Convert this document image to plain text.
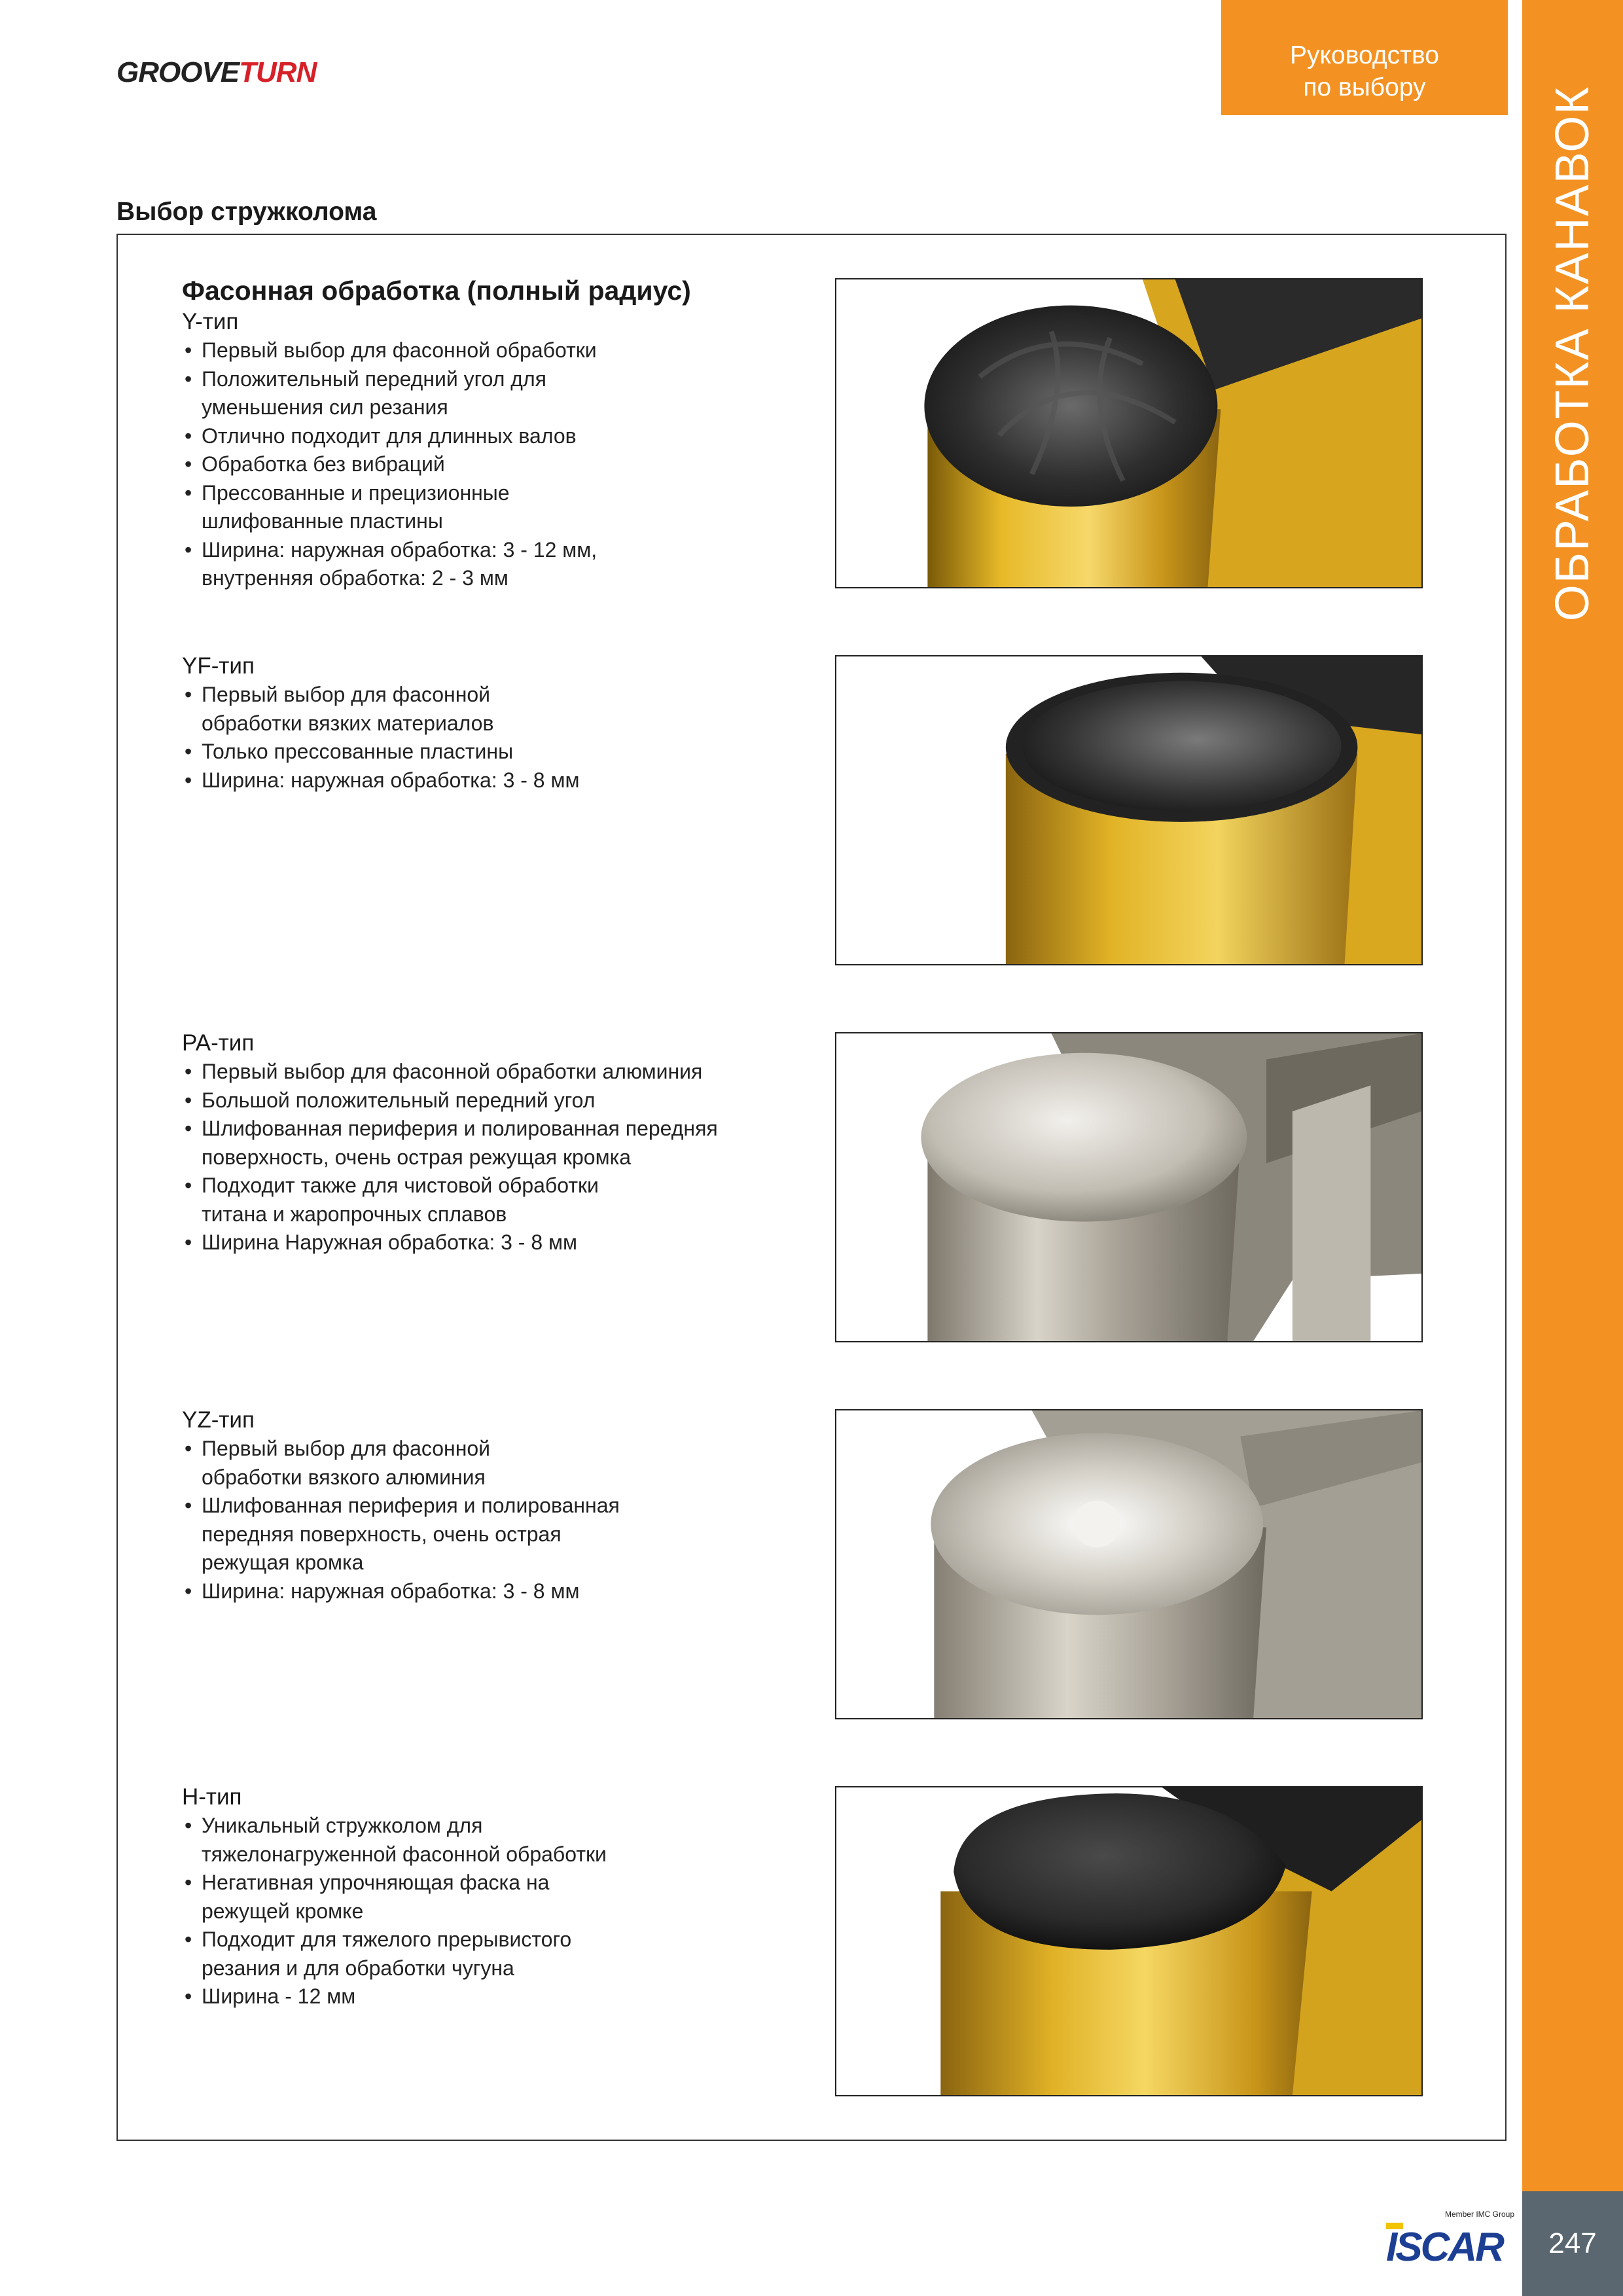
GROOVETURN
Руководство
по выбору	ОБРАБОТКА КАНАВОК
Выбор стружколома
Фасонная обработка (полный радиус)
Y-тип
• Первый выбор для фасонной обработки
• Положительный передний угол для уменьшения сил резания
• Отлично подходит для длинных валов
• Обработка без вибраций
• Прессованные и прецизионные шлифованные пластины
• Ширина: наружная обработка: 3 - 12 мм, внутренняя обработка: 2 - 3 мм
YF-тип
• Первый выбор для фасонной обработки вязких материалов
• Только прессованные пластины
• Ширина: наружная обработка: 3 - 8 мм
PA-тип
• Первый выбор для фасонной обработки алюминия
• Большой положительный передний угол
• Шлифованная периферия и полированная передняя поверхность, очень острая режущая кромка
• Подходит также для чистовой обработки титана и жаропрочных сплавов
• Ширина Наружная обработка: 3 - 8 мм
YZ-тип
• Первый выбор для фасонной обработки вязкого алюминия
• Шлифованная периферия и полированная передняя поверхность, очень острая режущая кромка
• Ширина: наружная обработка: 3 - 8 мм
H-тип
• Уникальный стружколом для тяжелонагруженной фасонной обработки
• Негативная упрочняющая фаска на режущей кромке
• Подходит для тяжелого прерывистого резания и для обработки чугуна
• Ширина - 12 мм
Member IMC Group
ISCAR	247
